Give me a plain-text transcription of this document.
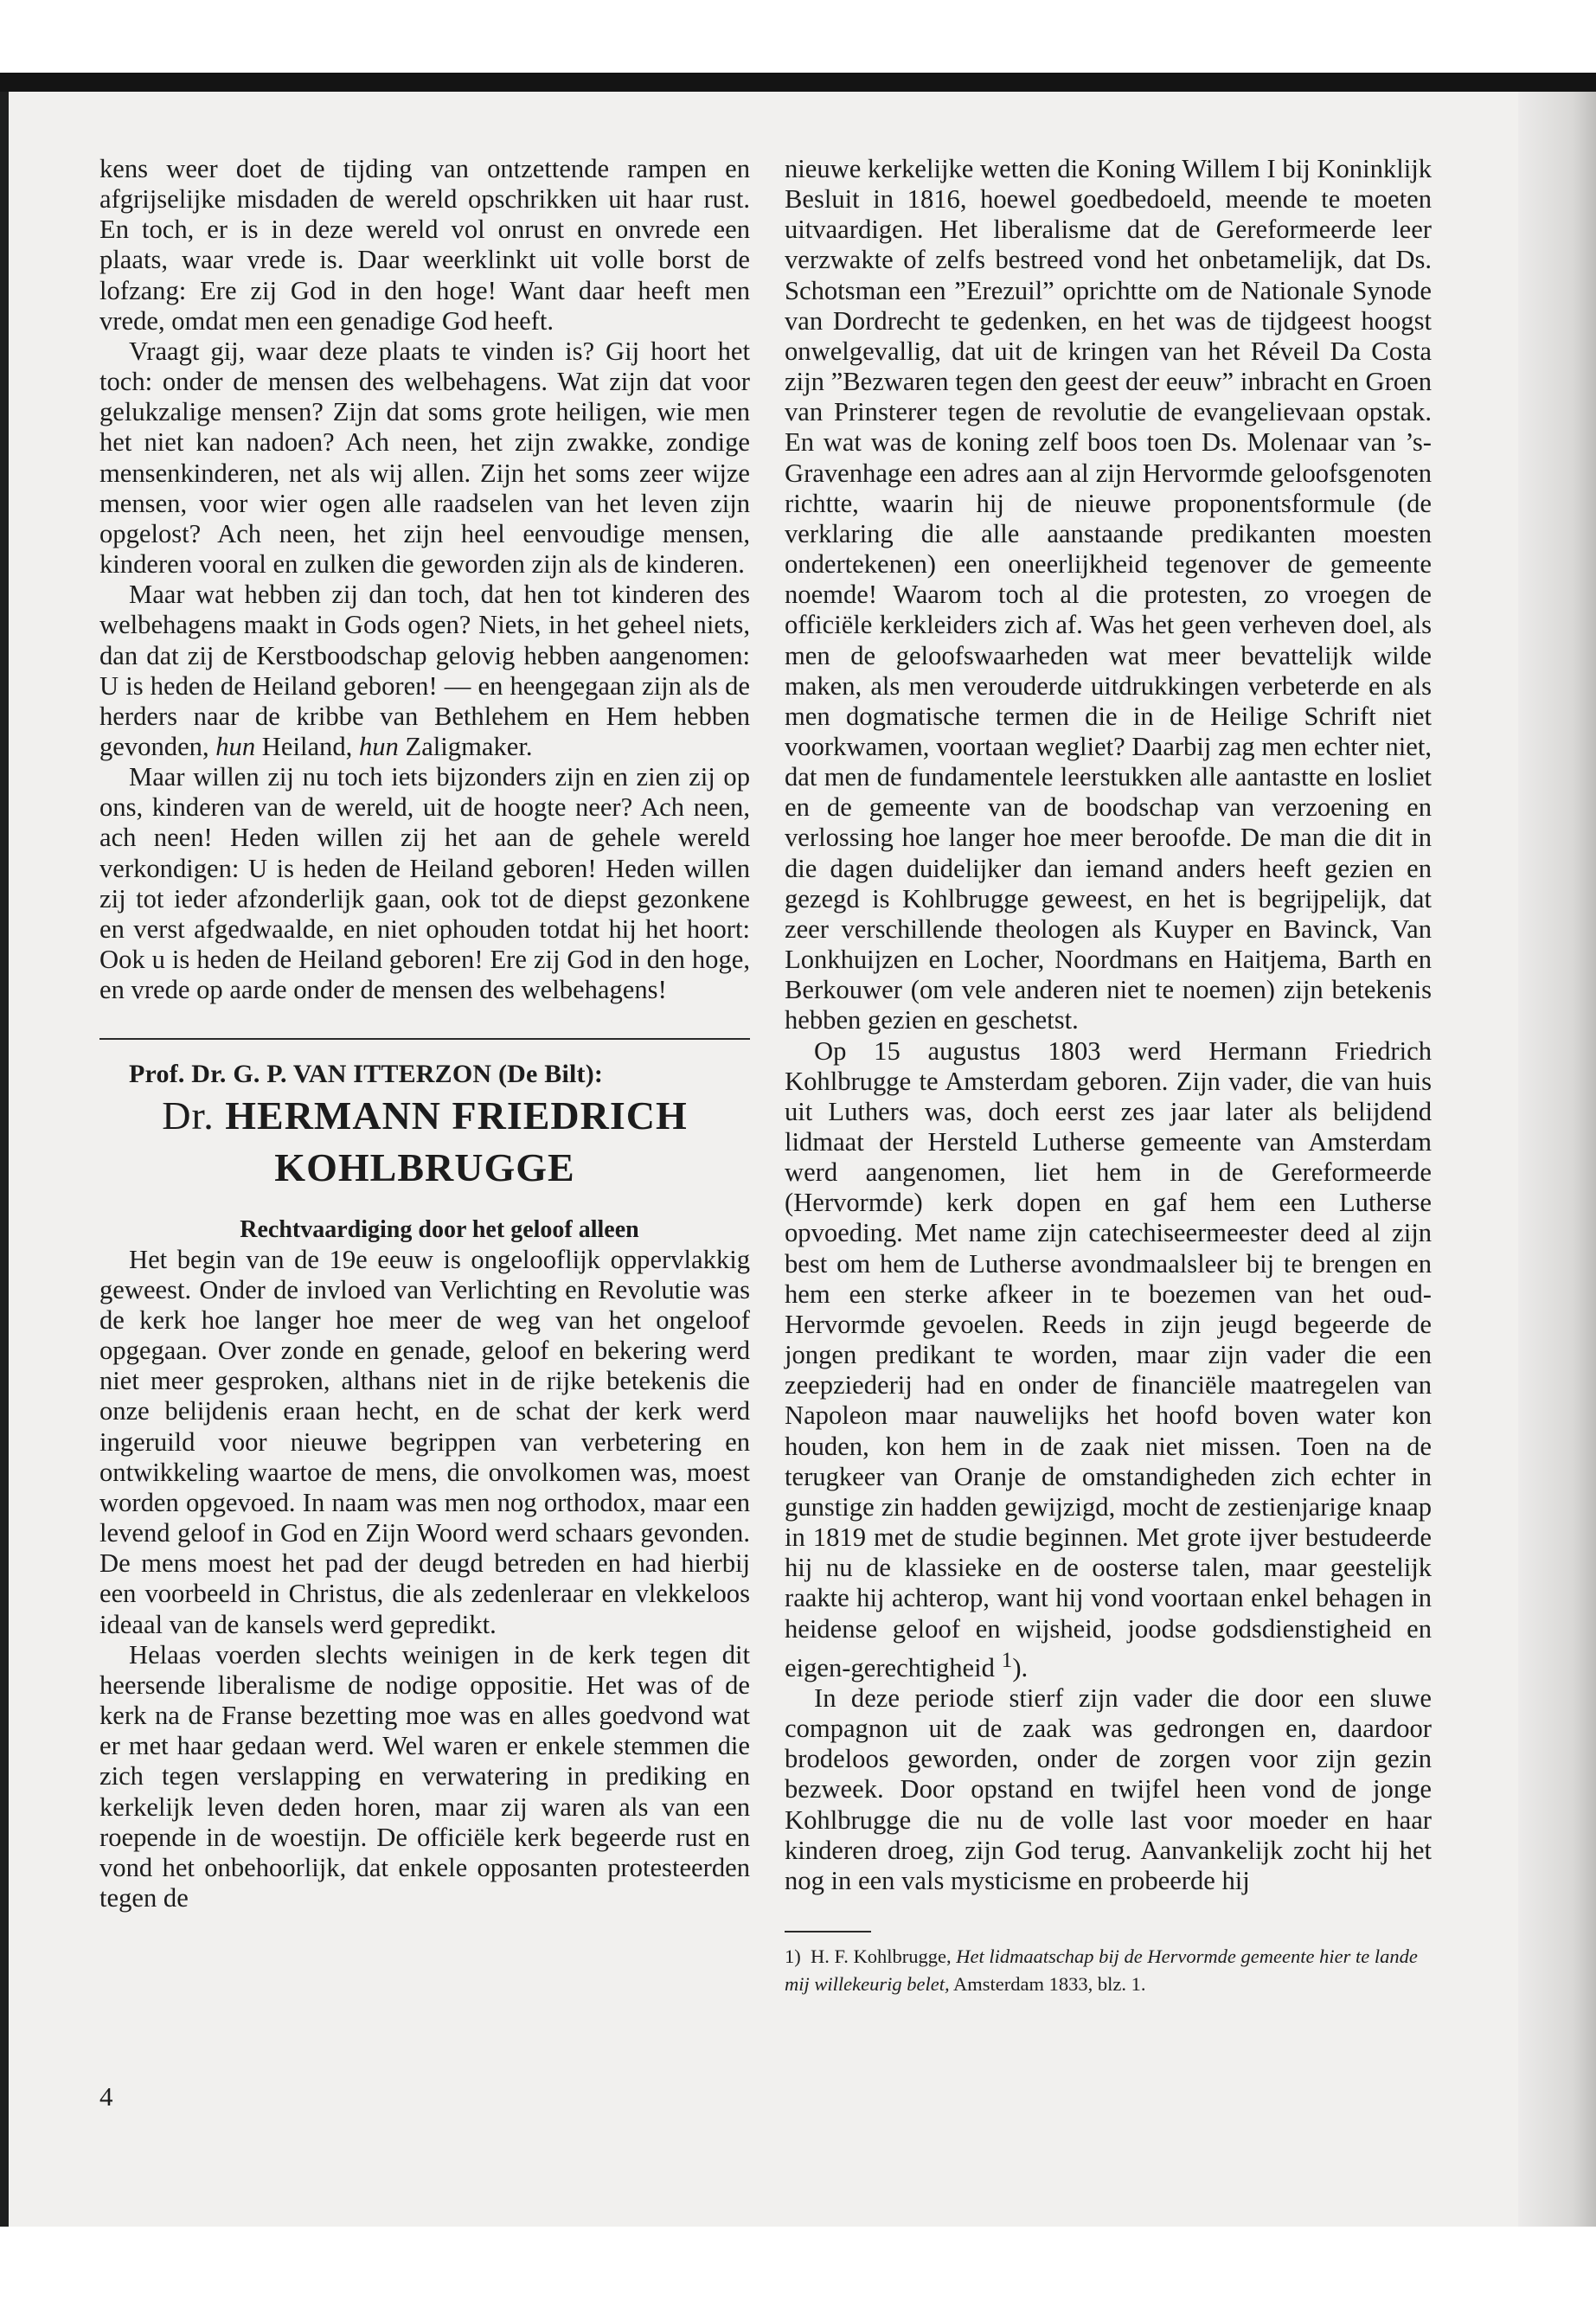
kens weer doet de tijding van ontzettende rampen en afgrijselijke misdaden de wereld opschrikken uit haar rust. En toch, er is in deze wereld vol onrust en onvrede een plaats, waar vrede is. Daar weerklinkt uit volle borst de lofzang: Ere zij God in den hoge! Want daar heeft men vrede, omdat men een genadige God heeft.

Vraagt gij, waar deze plaats te vinden is? Gij hoort het toch: onder de mensen des welbehagens. Wat zijn dat voor gelukzalige mensen? Zijn dat soms grote heiligen, wie men het niet kan nadoen? Ach neen, het zijn zwakke, zondige mensenkinderen, net als wij allen. Zijn het soms zeer wijze mensen, voor wier ogen alle raadselen van het leven zijn opgelost? Ach neen, het zijn heel eenvoudige mensen, kinderen vooral en zulken die geworden zijn als de kinderen.

Maar wat hebben zij dan toch, dat hen tot kinderen des welbehagens maakt in Gods ogen? Niets, in het geheel niets, dan dat zij de Kerstboodschap gelovig hebben aangenomen: U is heden de Heiland geboren! — en heengegaan zijn als de herders naar de kribbe van Bethlehem en Hem hebben gevonden, hun Heiland, hun Zaligmaker.

Maar willen zij nu toch iets bijzonders zijn en zien zij op ons, kinderen van de wereld, uit de hoogte neer? Ach neen, ach neen! Heden willen zij het aan de gehele wereld verkondigen: U is heden de Heiland geboren! Heden willen zij tot ieder afzonderlijk gaan, ook tot de diepst gezonkene en verst afgedwaalde, en niet ophouden totdat hij het hoort: Ook u is heden de Heiland geboren! Ere zij God in den hoge, en vrede op aarde onder de mensen des welbehagens!

Prof. Dr. G. P. VAN ITTERZON (De Bilt):

Dr. HERMANN FRIEDRICH
KOHLBRUGGE

Rechtvaardiging door het geloof alleen

Het begin van de 19e eeuw is ongelooflijk oppervlakkig geweest. Onder de invloed van Verlichting en Revolutie was de kerk hoe langer hoe meer de weg van het ongeloof opgegaan. Over zonde en genade, geloof en bekering werd niet meer gesproken, althans niet in de rijke betekenis die onze belijdenis eraan hecht, en de schat der kerk werd ingeruild voor nieuwe begrippen van verbetering en ontwikkeling waartoe de mens, die onvolkomen was, moest worden opgevoed. In naam was men nog orthodox, maar een levend geloof in God en Zijn Woord werd schaars gevonden. De mens moest het pad der deugd betreden en had hierbij een voorbeeld in Christus, die als zedenleraar en vlekkeloos ideaal van de kansels werd gepredikt.

Helaas voerden slechts weinigen in de kerk tegen dit heersende liberalisme de nodige oppositie. Het was of de kerk na de Franse bezetting moe was en alles goedvond wat er met haar gedaan werd. Wel waren er enkele stemmen die zich tegen verslapping en verwatering in prediking en kerkelijk leven deden horen, maar zij waren als van een roepende in de woestijn. De officiële kerk begeerde rust en vond het onbehoorlijk, dat enkele opposanten protesteerden tegen de

4

nieuwe kerkelijke wetten die Koning Willem I bij Koninklijk Besluit in 1816, hoewel goedbedoeld, meende te moeten uitvaardigen. Het liberalisme dat de Gereformeerde leer verzwakte of zelfs bestreed vond het onbetamelijk, dat Ds. Schotsman een ”Erezuil” oprichtte om de Nationale Synode van Dordrecht te gedenken, en het was de tijdgeest hoogst onwelgevallig, dat uit de kringen van het Réveil Da Costa zijn ”Bezwaren tegen den geest der eeuw” inbracht en Groen van Prinsterer tegen de revolutie de evangelievaan opstak. En wat was de koning zelf boos toen Ds. Molenaar van ’s-Gravenhage een adres aan al zijn Hervormde geloofsgenoten richtte, waarin hij de nieuwe proponentsformule (de verklaring die alle aanstaande predikanten moesten ondertekenen) een oneerlijkheid tegenover de gemeente noemde! Waarom toch al die protesten, zo vroegen de officiële kerkleiders zich af. Was het geen verheven doel, als men de geloofswaarheden wat meer bevattelijk wilde maken, als men verouderde uitdrukkingen verbeterde en als men dogmatische termen die in de Heilige Schrift niet voorkwamen, voortaan wegliet? Daarbij zag men echter niet, dat men de fundamentele leerstukken alle aantastte en losliet en de gemeente van de boodschap van verzoening en verlossing hoe langer hoe meer beroofde. De man die dit in die dagen duidelijker dan iemand anders heeft gezien en gezegd is Kohlbrugge geweest, en het is begrijpelijk, dat zeer verschillende theologen als Kuyper en Bavinck, Van Lonkhuijzen en Locher, Noordmans en Haitjema, Barth en Berkouwer (om vele anderen niet te noemen) zijn betekenis hebben gezien en geschetst.

Op 15 augustus 1803 werd Hermann Friedrich Kohlbrugge te Amsterdam geboren. Zijn vader, die van huis uit Luthers was, doch eerst zes jaar later als belijdend lidmaat der Hersteld Lutherse gemeente van Amsterdam werd aangenomen, liet hem in de Gereformeerde (Hervormde) kerk dopen en gaf hem een Lutherse opvoeding. Met name zijn catechiseermeester deed al zijn best om hem de Lutherse avondmaalsleer bij te brengen en hem een sterke afkeer in te boezemen van het oud-Hervormde gevoelen. Reeds in zijn jeugd begeerde de jongen predikant te worden, maar zijn vader die een zeepziederij had en onder de financiële maatregelen van Napoleon maar nauwelijks het hoofd boven water kon houden, kon hem in de zaak niet missen. Toen na de terugkeer van Oranje de omstandigheden zich echter in gunstige zin hadden gewijzigd, mocht de zestienjarige knaap in 1819 met de studie beginnen. Met grote ijver bestudeerde hij nu de klassieke en de oosterse talen, maar geestelijk raakte hij achterop, want hij vond voortaan enkel behagen in heidense geloof en wijsheid, joodse godsdienstigheid en eigen-gerechtigheid $^1$).

In deze periode stierf zijn vader die door een sluwe compagnon uit de zaak was gedrongen en, daardoor brodeloos geworden, onder de zorgen voor zijn gezin bezweek. Door opstand en twijfel heen vond de jonge Kohlbrugge die nu de volle last voor moeder en haar kinderen droeg, zijn God terug. Aanvankelijk zocht hij het nog in een vals mysticisme en probeerde hij

1) H. F. Kohlbrugge, Het lidmaatschap bij de Hervormde gemeente hier te lande mij willekeurig belet, Amsterdam 1833, blz. 1.
